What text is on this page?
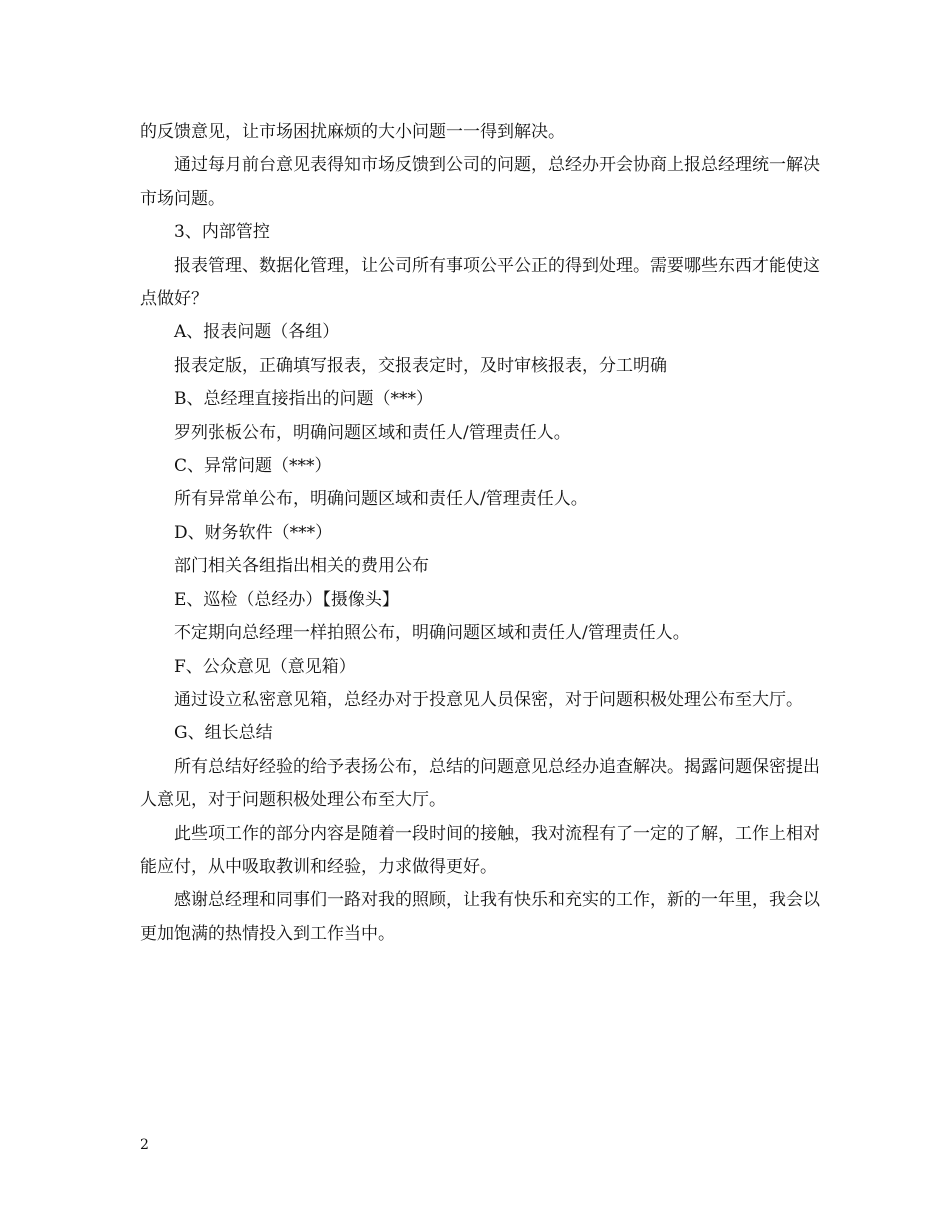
的反馈意见，让市场困扰麻烦的大小问题一一得到解决。

通过每月前台意见表得知市场反馈到公司的问题，总经办开会协商上报总经理统一解决市场问题。

3、内部管控

报表管理、数据化管理，让公司所有事项公平公正的得到处理。需要哪些东西才能使这点做好？

A、报表问题（各组）

报表定版，正确填写报表，交报表定时，及时审核报表，分工明确

B、总经理直接指出的问题（***）

罗列张板公布，明确问题区域和责任人/管理责任人。

C、异常问题（***）

所有异常单公布，明确问题区域和责任人/管理责任人。

D、财务软件（***）

部门相关各组指出相关的费用公布

E、巡检（总经办）【摄像头】

不定期向总经理一样拍照公布，明确问题区域和责任人/管理责任人。

F、公众意见（意见箱）

通过设立私密意见箱，总经办对于投意见人员保密，对于问题积极处理公布至大厅。

G、组长总结

所有总结好经验的给予表扬公布，总结的问题意见总经办追查解决。揭露问题保密提出人意见，对于问题积极处理公布至大厅。

此些项工作的部分内容是随着一段时间的接触，我对流程有了一定的了解，工作上相对能应付，从中吸取教训和经验，力求做得更好。

感谢总经理和同事们一路对我的照顾，让我有快乐和充实的工作，新的一年里，我会以更加饱满的热情投入到工作当中。

2
